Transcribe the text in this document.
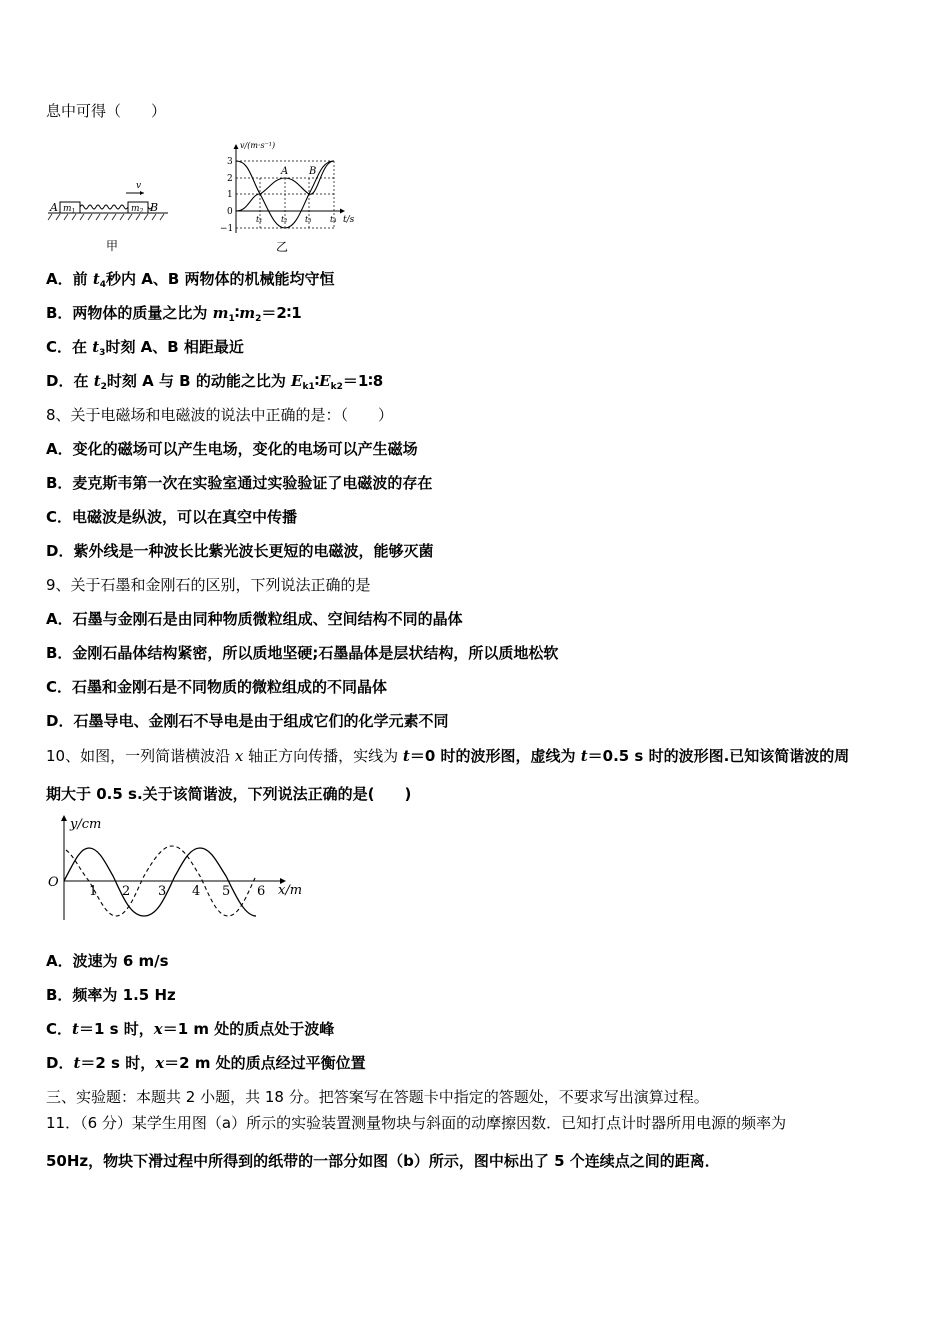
息中可得（　　）
A $m_1$	$m_2$ B
v
甲
v/(m·s⁻¹)
t/s
3
2
1
0
−1
t₁ t₂ t₃ t₄
A B
乙
A．前 $t_4$秒内 A、B 两物体的机械能均守恒
B．两物体的质量之比为 $m_1∶m_2=2∶1$
C．在 $t_3$时刻 A、B 相距最近
D．在 $t_2$时刻 A 与 B 的动能之比为 $E_{k1}∶E_{k2}=1∶8$
8、关于电磁场和电磁波的说法中正确的是：（　　）
A．变化的磁场可以产生电场，变化的电场可以产生磁场
B．麦克斯韦第一次在实验室通过实验验证了电磁波的存在
C．电磁波是纵波，可以在真空中传播
D．紫外线是一种波长比紫光波长更短的电磁波，能够灭菌
9、关于石墨和金刚石的区别，下列说法正确的是
A．石墨与金刚石是由同种物质微粒组成、空间结构不同的晶体
B．金刚石晶体结构紧密，所以质地坚硬;石墨晶体是层状结构，所以质地松软
C．石墨和金刚石是不同物质的微粒组成的不同晶体
D．石墨导电、金刚石不导电是由于组成它们的化学元素不同
10、如图，一列简谐横波沿 x 轴正方向传播，实线为 t＝0 时的波形图，虚线为 t＝0.5 s 时的波形图.已知该简谐波的周
期大于 0.5 s.关于该简谐波，下列说法正确的是(　　)
y/cm
x/m
O
1 2 3 4 5 6
A．波速为 6 m/s
B．频率为 1.5 Hz
C．t＝1 s 时，x＝1 m 处的质点处于波峰
D．t＝2 s 时，x＝2 m 处的质点经过平衡位置
三、实验题：本题共 2 小题，共 18 分。把答案写在答题卡中指定的答题处，不要求写出演算过程。
11．（6 分）某学生用图（a）所示的实验装置测量物块与斜面的动摩擦因数．已知打点计时器所用电源的频率为
50Hz，物块下滑过程中所得到的纸带的一部分如图（b）所示，图中标出了 5 个连续点之间的距离．
